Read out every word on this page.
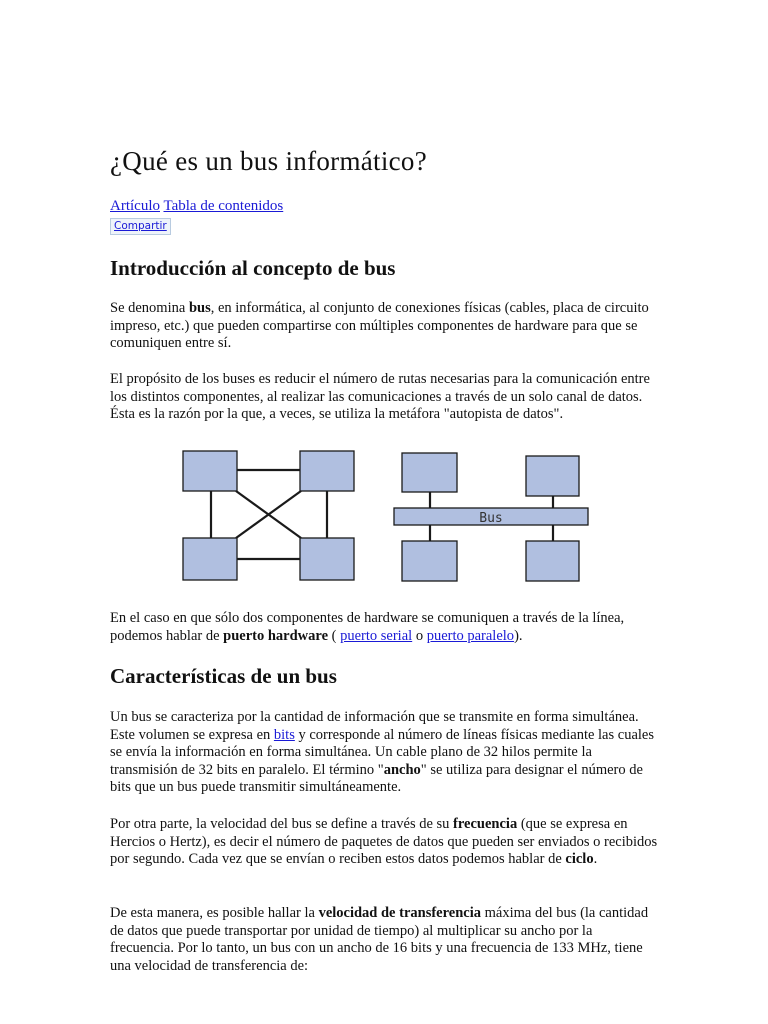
¿Qué es un bus informático?
Artículo Tabla de contenidos
Compartir
Introducción al concepto de bus

Se denomina bus, en informática, al conjunto de conexiones físicas (cables, placa de circuito impreso, etc.) que pueden compartirse con múltiples componentes de hardware para que se comuniquen entre sí.

El propósito de los buses es reducir el número de rutas necesarias para la comunicación entre los distintos componentes, al realizar las comunicaciones a través de un solo canal de datos. Ésta es la razón por la que, a veces, se utiliza la metáfora "autopista de datos".

Bus

En el caso en que sólo dos componentes de hardware se comuniquen a través de la línea, podemos hablar de puerto hardware ( puerto serial o puerto paralelo).

Características de un bus

Un bus se caracteriza por la cantidad de información que se transmite en forma simultánea. Este volumen se expresa en bits y corresponde al número de líneas físicas mediante las cuales se envía la información en forma simultánea. Un cable plano de 32 hilos permite la transmisión de 32 bits en paralelo. El término "ancho" se utiliza para designar el número de bits que un bus puede transmitir simultáneamente.

Por otra parte, la velocidad del bus se define a través de su frecuencia (que se expresa en Hercios o Hertz), es decir el número de paquetes de datos que pueden ser enviados o recibidos por segundo. Cada vez que se envían o reciben estos datos podemos hablar de ciclo.

De esta manera, es posible hallar la velocidad de transferencia máxima del bus (la cantidad de datos que puede transportar por unidad de tiempo) al multiplicar su ancho por la frecuencia. Por lo tanto, un bus con un ancho de 16 bits y una frecuencia de 133 MHz, tiene una velocidad de transferencia de:
